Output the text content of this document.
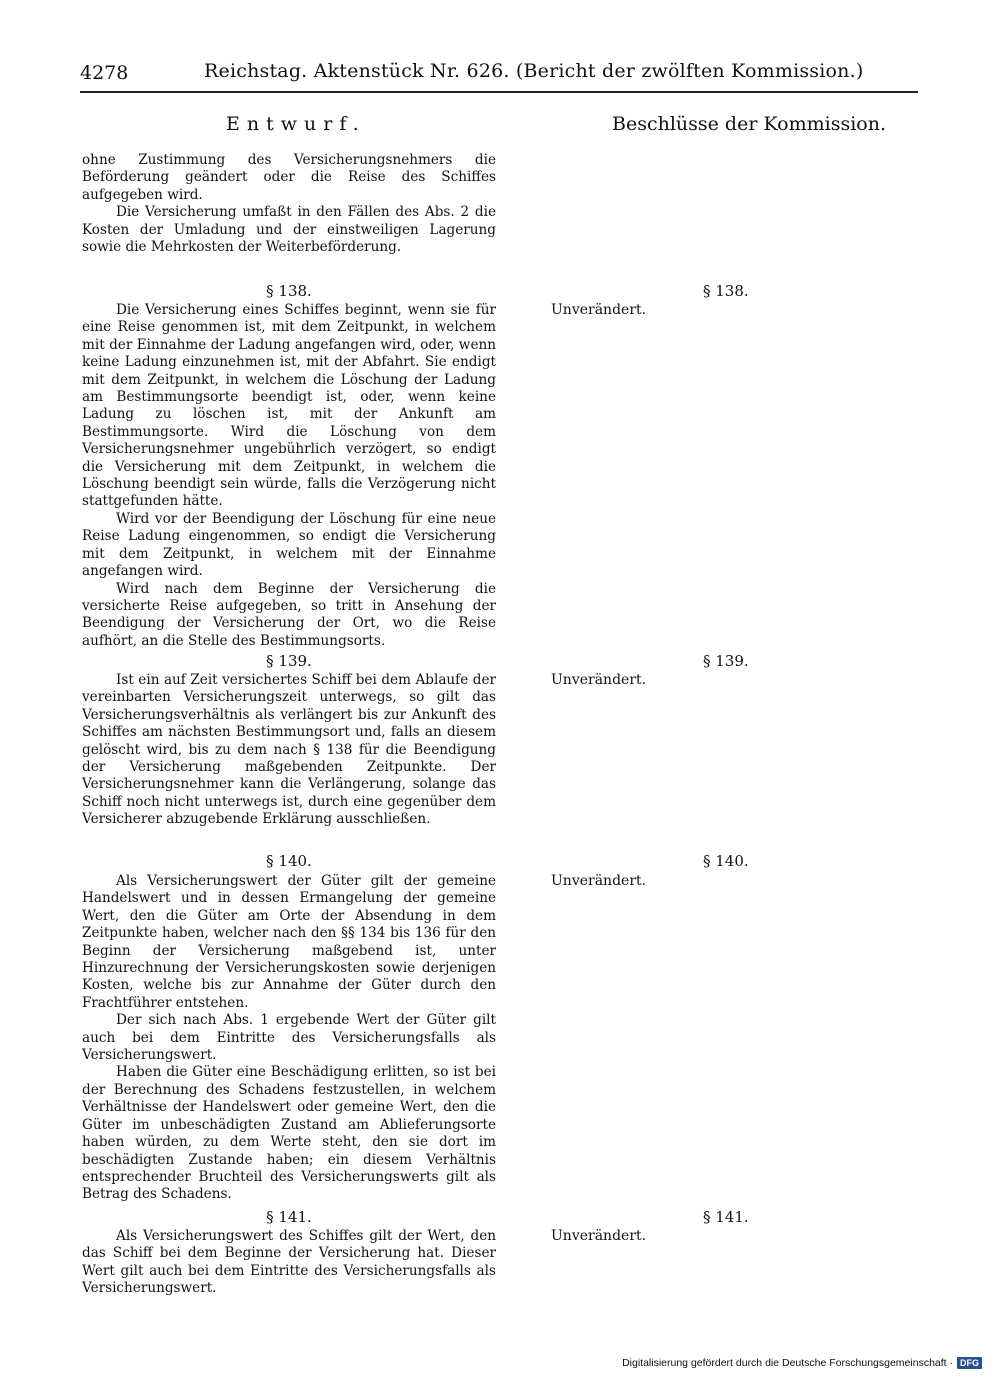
4278	Reichstag. Aktenstück Nr. 626. (Bericht der zwölften Kommission.)
Entwurf.	Beschlüsse der Kommission.

ohne Zustimmung des Versicherungsnehmers die Beförderung geändert oder die Reise des Schiffes aufgegeben wird.

Die Versicherung umfaßt in den Fällen des Abs. 2 die Kosten der Umladung und der einstweiligen Lagerung sowie die Mehrkosten der Weiterbeförderung.

§ 138.

Die Versicherung eines Schiffes beginnt, wenn sie für eine Reise genommen ist, mit dem Zeitpunkt, in welchem mit der Einnahme der Ladung angefangen wird, oder, wenn keine Ladung einzunehmen ist, mit der Abfahrt. Sie endigt mit dem Zeitpunkt, in welchem die Löschung der Ladung am Bestimmungsorte beendigt ist, oder, wenn keine Ladung zu löschen ist, mit der Ankunft am Bestimmungsorte. Wird die Löschung von dem Versicherungsnehmer ungebührlich verzögert, so endigt die Versicherung mit dem Zeitpunkt, in welchem die Löschung beendigt sein würde, falls die Verzögerung nicht stattgefunden hätte.

Wird vor der Beendigung der Löschung für eine neue Reise Ladung eingenommen, so endigt die Versicherung mit dem Zeitpunkt, in welchem mit der Einnahme angefangen wird.

Wird nach dem Beginne der Versicherung die versicherte Reise aufgegeben, so tritt in Ansehung der Beendigung der Versicherung der Ort, wo die Reise aufhört, an die Stelle des Bestimmungsorts.

§ 138.
Unverändert.
§ 139.

Ist ein auf Zeit versichertes Schiff bei dem Ablaufe der vereinbarten Versicherungszeit unterwegs, so gilt das Versicherungsverhältnis als verlängert bis zur Ankunft des Schiffes am nächsten Bestimmungsort und, falls an diesem gelöscht wird, bis zu dem nach § 138 für die Beendigung der Versicherung maßgebenden Zeitpunkte. Der Versicherungsnehmer kann die Verlängerung, solange das Schiff noch nicht unterwegs ist, durch eine gegenüber dem Versicherer abzugebende Erklärung ausschließen.

§ 139.
Unverändert.
§ 140.

Als Versicherungswert der Güter gilt der gemeine Handelswert und in dessen Ermangelung der gemeine Wert, den die Güter am Orte der Absendung in dem Zeitpunkte haben, welcher nach den §§ 134 bis 136 für den Beginn der Versicherung maßgebend ist, unter Hinzurechnung der Versicherungskosten sowie derjenigen Kosten, welche bis zur Annahme der Güter durch den Frachtführer entstehen.

Der sich nach Abs. 1 ergebende Wert der Güter gilt auch bei dem Eintritte des Versicherungsfalls als Versicherungswert.

Haben die Güter eine Beschädigung erlitten, so ist bei der Berechnung des Schadens festzustellen, in welchem Verhältnisse der Handelswert oder gemeine Wert, den die Güter im unbeschädigten Zustand am Ablieferungsorte haben würden, zu dem Werte steht, den sie dort im beschädigten Zustande haben; ein diesem Verhältnis entsprechender Bruchteil des Versicherungswerts gilt als Betrag des Schadens.

§ 140.
Unverändert.
§ 141.

Als Versicherungswert des Schiffes gilt der Wert, den das Schiff bei dem Beginne der Versicherung hat. Dieser Wert gilt auch bei dem Eintritte des Versicherungsfalls als Versicherungswert.

§ 141.
Unverändert.
Digitalisierung gefördert durch die Deutsche Forschungsgemeinschaft · DFG
